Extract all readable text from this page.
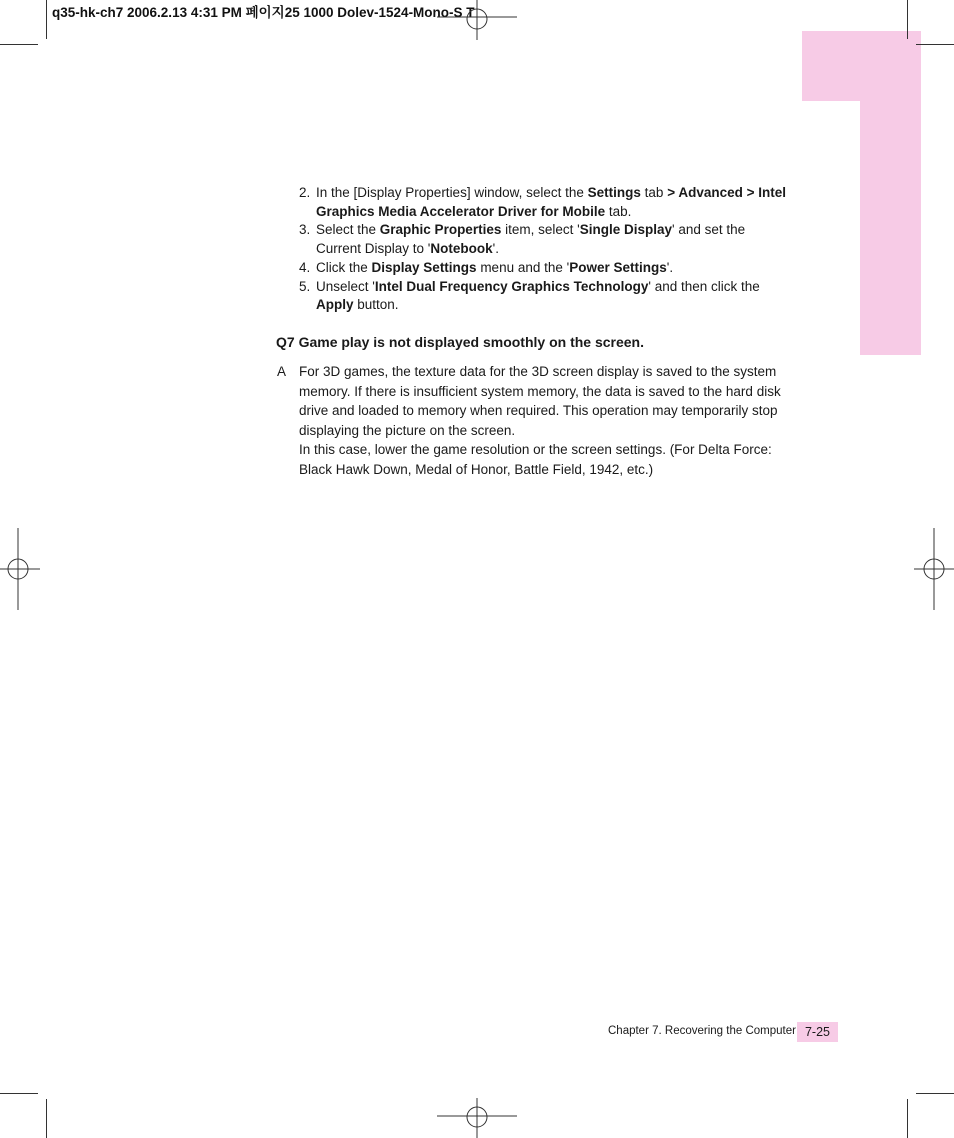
q35-hk-ch7 2006.2.13 4:31 PM 페이지25 1000 Dolev-1524-Mono-S T
2. In the [Display Properties] window, select the Settings tab > Advanced > Intel Graphics Media Accelerator Driver for Mobile tab.
3. Select the Graphic Properties item, select 'Single Display' and set the Current Display to 'Notebook'.
4. Click the Display Settings menu and the 'Power Settings'.
5. Unselect 'Intel Dual Frequency Graphics Technology' and then click the Apply button.
Q7 Game play is not displayed smoothly on the screen.
A For 3D games, the texture data for the 3D screen display is saved to the system memory. If there is insufficient system memory, the data is saved to the hard disk drive and loaded to memory when required. This operation may temporarily stop displaying the picture on the screen.
In this case, lower the game resolution or the screen settings. (For Delta Force: Black Hawk Down, Medal of Honor, Battle Field, 1942, etc.)
Chapter 7. Recovering the Computer 7-25
